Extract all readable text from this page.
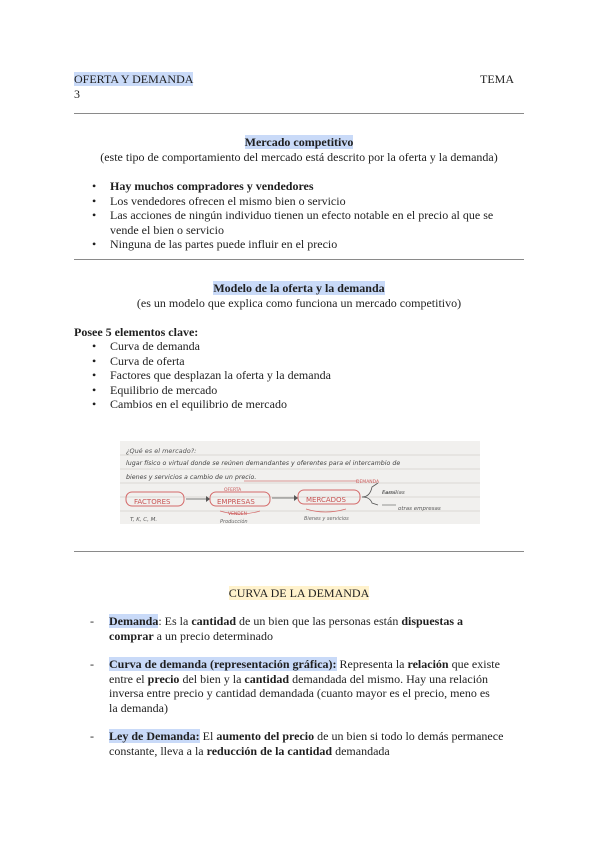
OFERTA Y DEMANDA	TEMA
3
Mercado competitivo
(este tipo de comportamiento del mercado está descrito por la oferta y la demanda)
• Hay muchos compradores y vendedores
• Los vendedores ofrecen el mismo bien o servicio
• Las acciones de ningún individuo tienen un efecto notable en el precio al que se
vende el bien o servicio
• Ninguna de las partes puede influir en el precio
Modelo de la oferta y la demanda
(es un modelo que explica como funciona un mercado competitivo)
Posee 5 elementos clave:
• Curva de demanda
• Curva de oferta
• Factores que desplazan la oferta y la demanda
• Equilibrio de mercado
• Cambios en el equilibrio de mercado
¿Qué es el mercado?:
lugar físico o virtual donde se reúnen demandantes y oferentes para el intercambio de
bienes y servicios a cambio de un precio.
FACTORES	EMPRESAS	MERCADOS
OFERTA
DEMANDA
Familias
otras empresas
VENDEN
T, K, C, M.	Producción	Bienes y servicios
CURVA DE LA DEMANDA
- Demanda: Es la cantidad de un bien que las personas están dispuestas a
comprar a un precio determinado
- Curva de demanda (representación gráfica): Representa la relación que existe
entre el precio del bien y la cantidad demandada del mismo. Hay una relación
inversa entre precio y cantidad demandada (cuanto mayor es el precio, meno es
la demanda)
- Ley de Demanda: El aumento del precio de un bien si todo lo demás permanece
constante, lleva a la reducción de la cantidad demandada
